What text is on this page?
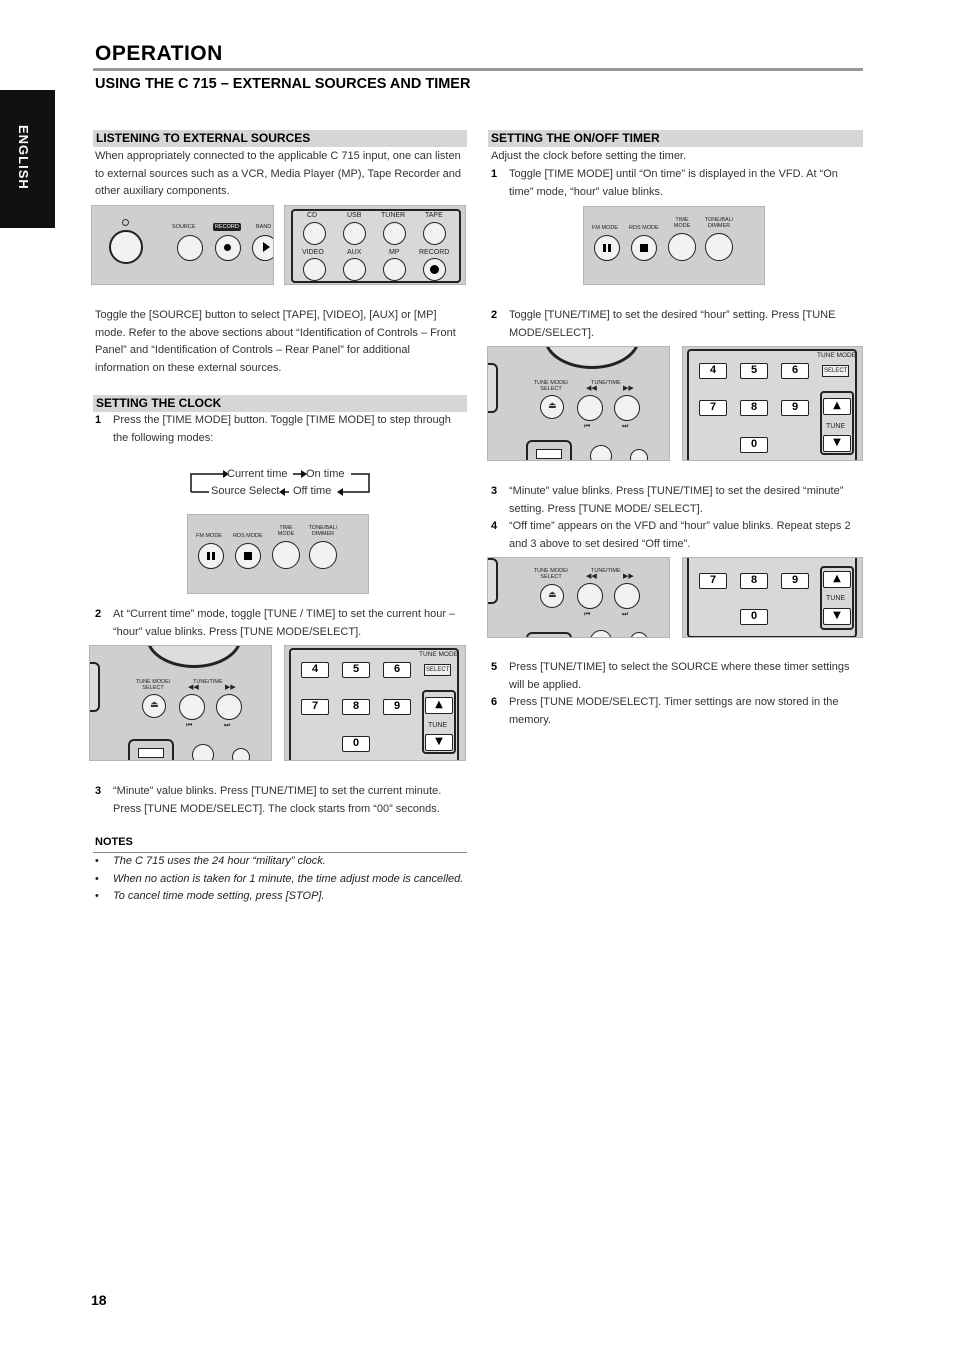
ENGLISH
OPERATION
USING THE C 715 – EXTERNAL SOURCES AND TIMER
LISTENING TO EXTERNAL SOURCES
When appropriately connected to the applicable C 715 input, one can listen to external sources such as a VCR, Media Player (MP), Tape Recorder and other auxiliary components.
SOURCE	RECORD	BAND
CD	USB	TUNER	TAPE
VIDEO	AUX	MP	RECORD
Toggle the [SOURCE] button to select [TAPE], [VIDEO], [AUX] or [MP] mode. Refer to the above sections about “Identification of Controls – Front Panel” and “Identification of Controls – Rear Panel” for additional information on these external sources.
SETTING THE CLOCK
1	Press the [TIME MODE] button. Toggle [TIME MODE] to step through the following modes:
Current time On time
Source Select Off time
FM MODE RDS MODE
TIME MODE
TONE/BAL/ DIMMER
2	At “Current time” mode, toggle [TUNE / TIME] to set the current hour – “hour” value blinks. Press [TUNE MODE/SELECT].
TUNE MODE/ SELECT
TUNE/TIME
◀◀	▶▶
⏏
⏮	⏭
4	5	6
7	8	9
0
TUNE MODE
SELECT
▲
TUNE
▼
3	“Minute” value blinks. Press [TUNE/TIME] to set the current minute. Press [TUNE MODE/SELECT]. The clock starts from “00” seconds.
NOTES
• The C 715 uses the 24 hour “military” clock.
• When no action is taken for 1 minute, the time adjust mode is cancelled.
• To cancel time mode setting, press [STOP].
SETTING THE ON/OFF TIMER
Adjust the clock before setting the timer.
1	Toggle [TIME MODE] until “On time” is displayed in the VFD. At “On time” mode, “hour” value blinks.
FM MODE RDS MODE
TIME MODE
TONE/BAL/ DIMMER
2	Toggle [TUNE/TIME] to set the desired “hour” setting. Press [TUNE MODE/SELECT].
TUNE MODE/ SELECT
TUNE/TIME
◀◀	▶▶
⏏
⏮	⏭
4	5	6
7	8	9
0
TUNE MODE
SELECT
▲
TUNE
▼
3	“Minute” value blinks. Press [TUNE/TIME] to set the desired “minute” setting. Press [TUNE MODE/ SELECT].
4	“Off time” appears on the VFD and “hour” value blinks. Repeat steps 2 and 3 above to set desired “Off time”.
TUNE MODE/ SELECT
TUNE/TIME
◀◀	▶▶
⏏
⏮	⏭
7	8	9
0
▲
TUNE
▼
5	Press [TUNE/TIME] to select the SOURCE where these timer settings will be applied.
6	Press [TUNE MODE/SELECT]. Timer settings are now stored in the memory.
18
